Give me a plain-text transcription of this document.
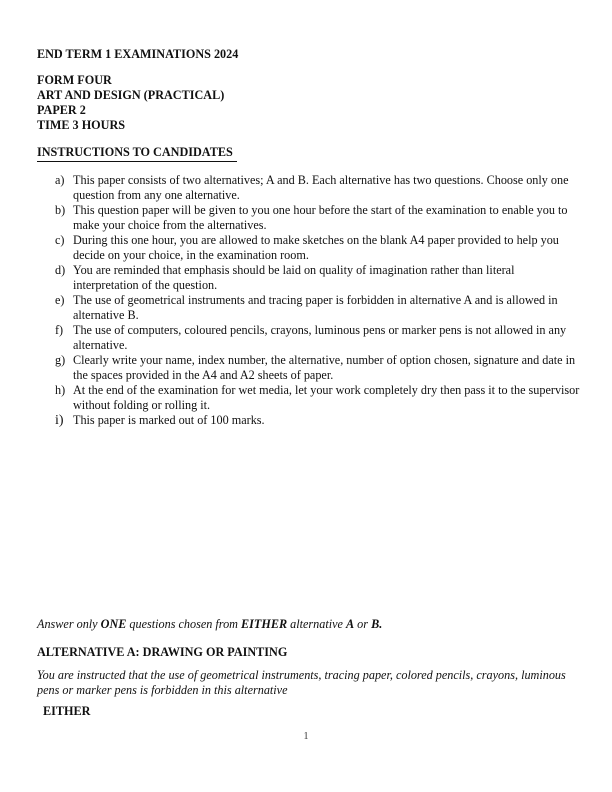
END TERM 1 EXAMINATIONS 2024
FORM FOUR
ART AND DESIGN (PRACTICAL)
PAPER 2
TIME 3 HOURS
INSTRUCTIONS TO CANDIDATES
a) This paper consists of two alternatives; A and B. Each alternative has two questions. Choose only one question from any one alternative.
b) This question paper will be given to you one hour before the start of the examination to enable you to make your choice from the alternatives.
c) During this one hour, you are allowed to make sketches on the blank A4 paper provided to help you decide on your choice, in the examination room.
d) You are reminded that emphasis should be laid on quality of imagination rather than literal interpretation of the question.
e) The use of geometrical instruments and tracing paper is forbidden in alternative A and is allowed in alternative B.
f) The use of computers, coloured pencils, crayons, luminous pens or marker pens is not allowed in any alternative.
g) Clearly write your name, index number, the alternative, number of option chosen, signature and date in the spaces provided in the A4 and A2 sheets of paper.
h) At the end of the examination for wet media, let your work completely dry then pass it to the supervisor without folding or rolling it.
i) This paper is marked out of 100 marks.

Answer only ONE questions chosen from EITHER alternative A or B.

ALTERNATIVE A: DRAWING OR PAINTING

You are instructed that the use of geometrical instruments, tracing paper, colored pencils, crayons, luminous pens or marker pens is forbidden in this alternative

EITHER

1
